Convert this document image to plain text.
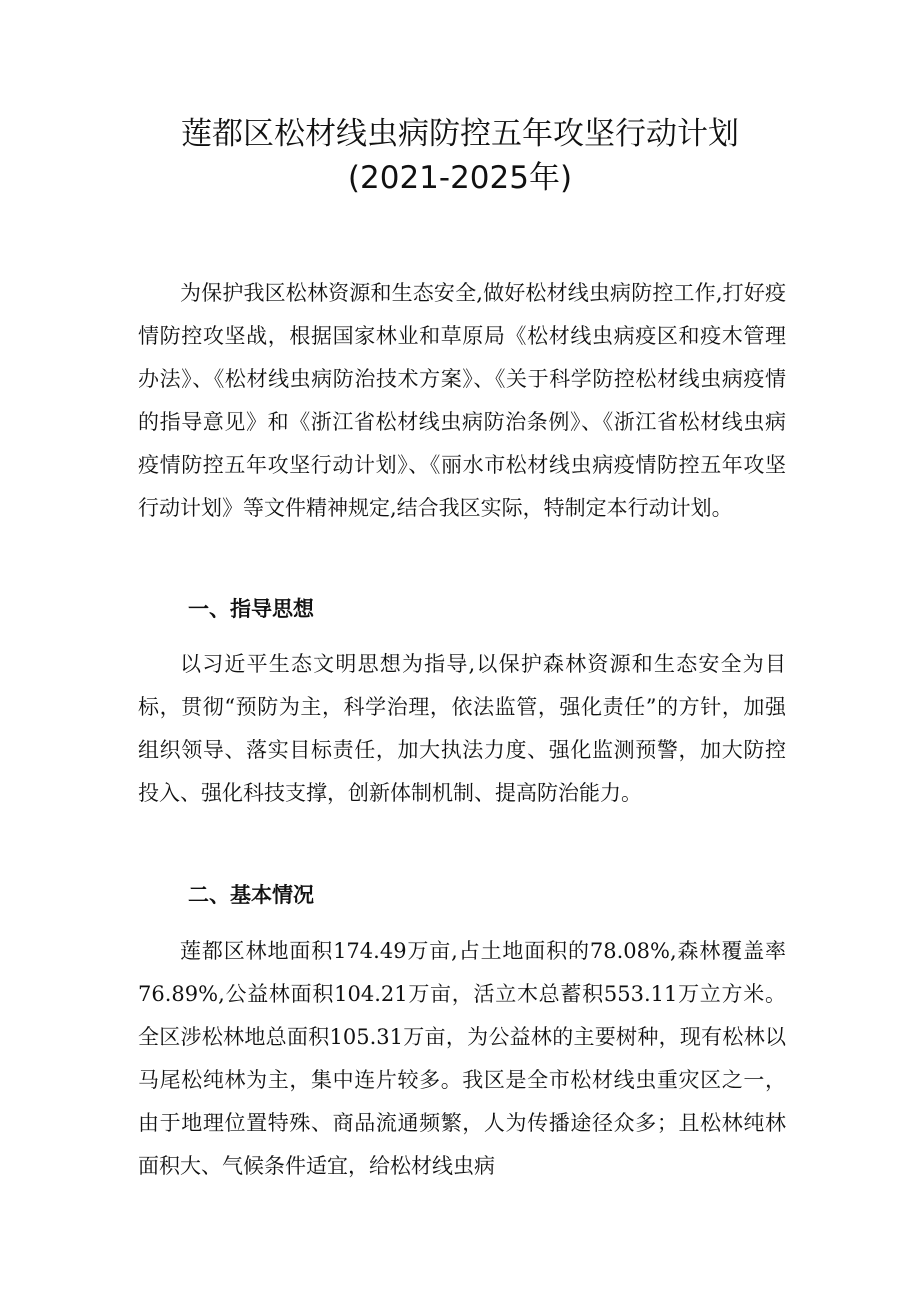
莲都区松材线虫病防控五年攻坚行动计划
(2021-2025年)

为保护我区松林资源和生态安全,做好松材线虫病防控工作,打好疫情防控攻坚战，根据国家林业和草原局《松材线虫病疫区和疫木管理办法》、《松材线虫病防治技术方案》、《关于科学防控松材线虫病疫情的指导意见》和《浙江省松材线虫病防治条例》、《浙江省松材线虫病疫情防控五年攻坚行动计划》、《丽水市松材线虫病疫情防控五年攻坚行动计划》等文件精神规定,结合我区实际，特制定本行动计划。

一、指导思想

以习近平生态文明思想为指导,以保护森林资源和生态安全为目标，贯彻“预防为主，科学治理，依法监管，强化责任”的方针，加强组织领导、落实目标责任，加大执法力度、强化监测预警，加大防控投入、强化科技支撑，创新体制机制、提高防治能力。

二、基本情况

莲都区林地面积174.49万亩,占土地面积的78.08%,森林覆盖率76.89%,公益林面积104.21万亩，活立木总蓄积553.11万立方米。全区涉松林地总面积105.31万亩，为公益林的主要树种，现有松林以马尾松纯林为主，集中连片较多。我区是全市松材线虫重灾区之一，由于地理位置特殊、商品流通频繁，人为传播途径众多；且松林纯林面积大、气候条件适宜，给松材线虫病
